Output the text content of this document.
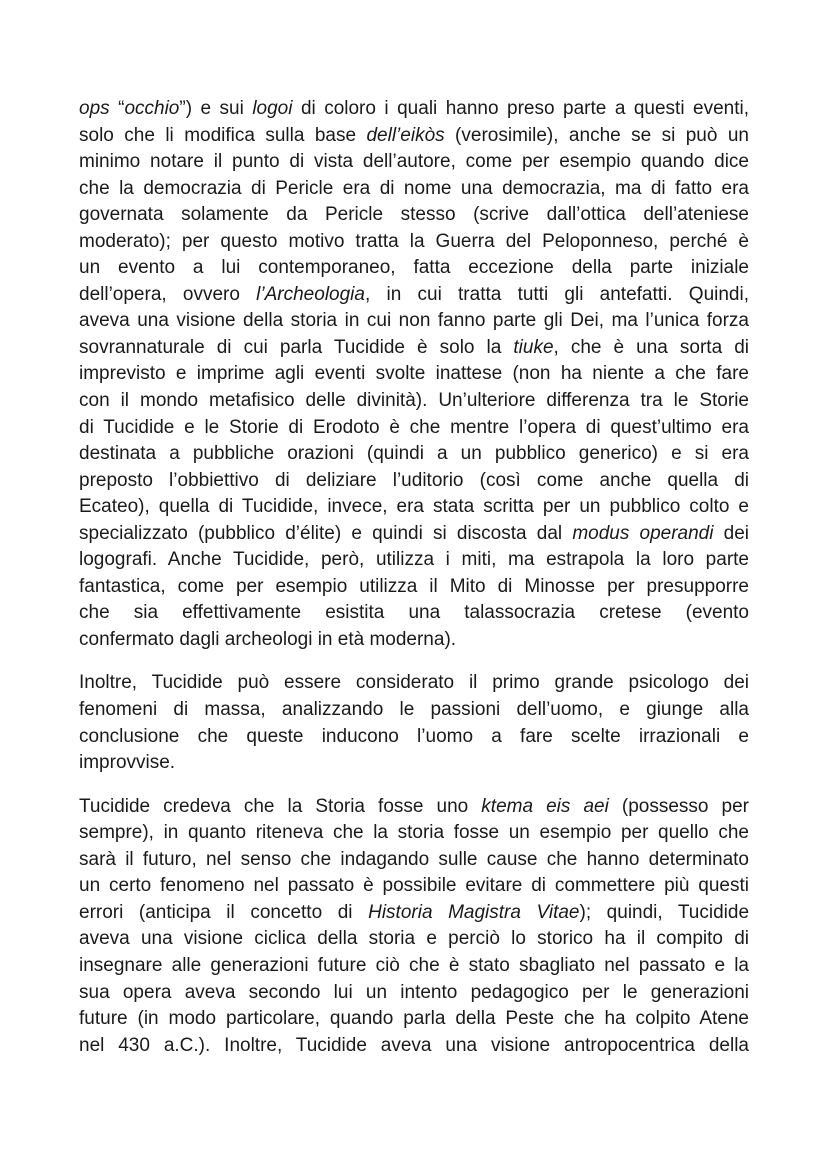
ops “occhio”) e sui logoi di coloro i quali hanno preso parte a questi eventi,
solo che li modifica sulla base dell’eikòs (verosimile), anche se si può un
minimo notare il punto di vista dell’autore, come per esempio quando dice
che la democrazia di Pericle era di nome una democrazia, ma di fatto era
governata solamente da Pericle stesso (scrive dall’ottica dell’ateniese
moderato); per questo motivo tratta la Guerra del Peloponneso, perché è
un evento a lui contemporaneo, fatta eccezione della parte iniziale
dell’opera, ovvero l’Archeologia, in cui tratta tutti gli antefatti. Quindi,
aveva una visione della storia in cui non fanno parte gli Dei, ma l’unica forza
sovrannaturale di cui parla Tucidide è solo la tiuke, che è una sorta di
imprevisto e imprime agli eventi svolte inattese (non ha niente a che fare
con il mondo metafisico delle divinità). Un’ulteriore differenza tra le Storie
di Tucidide e le Storie di Erodoto è che mentre l’opera di quest’ultimo era
destinata a pubbliche orazioni (quindi a un pubblico generico) e si era
preposto l’obbiettivo di deliziare l’uditorio (così come anche quella di
Ecateo), quella di Tucidide, invece, era stata scritta per un pubblico colto e
specializzato (pubblico d’élite) e quindi si discosta dal modus operandi dei
logografi. Anche Tucidide, però, utilizza i miti, ma estrapola la loro parte
fantastica, come per esempio utilizza il Mito di Minosse per presupporre
che sia effettivamente esistita una talassocrazia cretese (evento
confermato dagli archeologi in età moderna).

Inoltre, Tucidide può essere considerato il primo grande psicologo dei
fenomeni di massa, analizzando le passioni dell’uomo, e giunge alla
conclusione che queste inducono l’uomo a fare scelte irrazionali e
improvvise.

Tucidide credeva che la Storia fosse uno ktema eis aei (possesso per
sempre), in quanto riteneva che la storia fosse un esempio per quello che
sarà il futuro, nel senso che indagando sulle cause che hanno determinato
un certo fenomeno nel passato è possibile evitare di commettere più questi
errori (anticipa il concetto di Historia Magistra Vitae); quindi, Tucidide
aveva una visione ciclica della storia e perciò lo storico ha il compito di
insegnare alle generazioni future ciò che è stato sbagliato nel passato e la
sua opera aveva secondo lui un intento pedagogico per le generazioni
future (in modo particolare, quando parla della Peste che ha colpito Atene
nel 430 a.C.). Inoltre, Tucidide aveva una visione antropocentrica della
